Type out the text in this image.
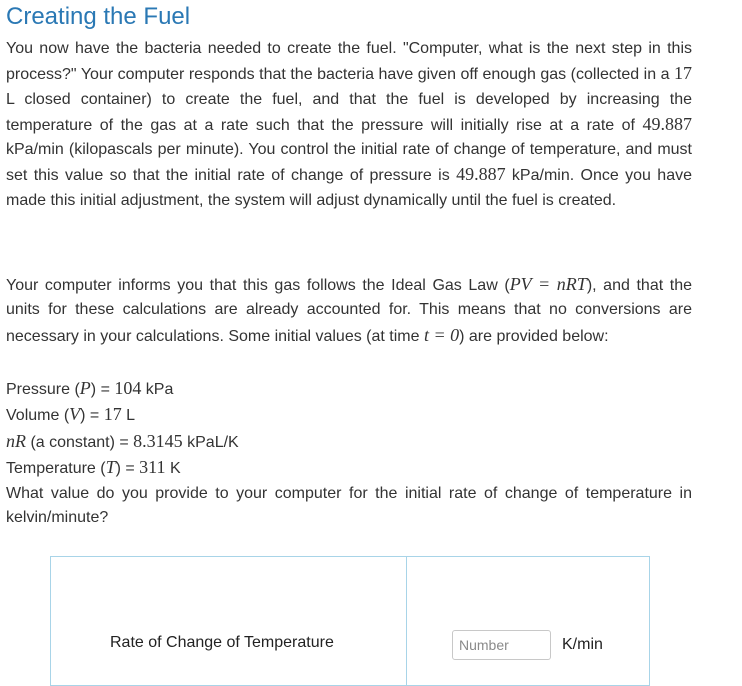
Creating the Fuel

You now have the bacteria needed to create the fuel. "Computer, what is the next step in this process?" Your computer responds that the bacteria have given off enough gas (collected in a 17 L closed container) to create the fuel, and that the fuel is developed by increasing the temperature of the gas at a rate such that the pressure will initially rise at a rate of 49.887 kPa/min (kilopascals per minute). You control the initial rate of change of temperature, and must set this value so that the initial rate of change of pressure is 49.887 kPa/min. Once you have made this initial adjustment, the system will adjust dynamically until the fuel is created.

Your computer informs you that this gas follows the Ideal Gas Law (PV = nRT), and that the units for these calculations are already accounted for. This means that no conversions are necessary in your calculations. Some initial values (at time t = 0) are provided below:

Pressure (P) = 104 kPa
Volume (V) = 17 L
nR (a constant) = 8.3145 kPaL/K
Temperature (T) = 311 K

What value do you provide to your computer for the initial rate of change of temperature in kelvin/minute?

Rate of Change of Temperature
Number	K/min
